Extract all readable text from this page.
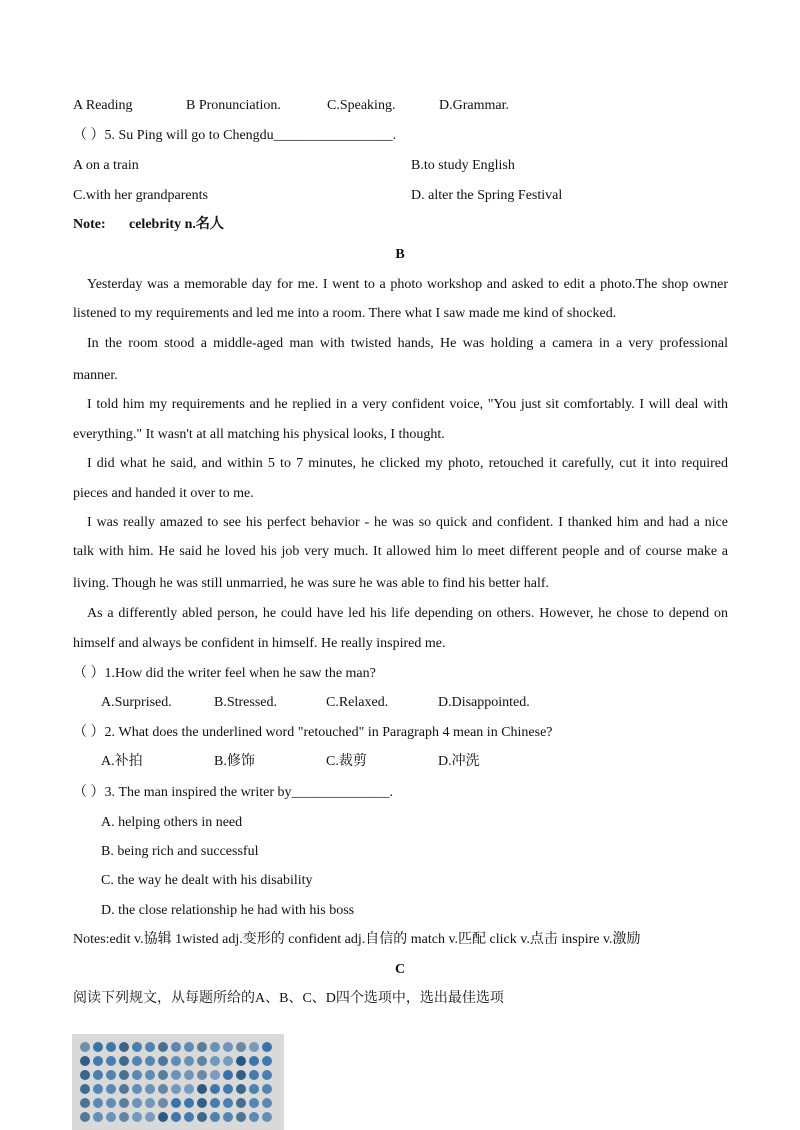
A Reading	B Pronunciation.	C.Speaking.	D.Grammar.
（ ）5. Su Ping will go to Chengdu_________________.
A on a train	B.to study English
C.with her grandparents	D. alter the Spring Festival
Note: celebrity n.名人
B
Yesterday was a memorable day for me. I went to a photo workshop and asked to edit a photo.The shop owner
listened to my requirements and led me into a room. There what I saw made me kind of shocked.
In the room stood a middle-aged man with twisted hands, He was holding a camera in a very professional
manner.
I told him my requirements and he replied in a very confident voice, "You just sit comfortably. I will deal with
everything." It wasn't at all matching his physical looks, I thought.
I did what he said, and within 5 to 7 minutes, he clicked my photo, retouched it carefully, cut it into required
pieces and handed it over to me.
I was really amazed to see his perfect behavior - he was so quick and confident. I thanked him and had a nice
talk with him. He said he loved his job very much. It allowed him lo meet different people and of course make a
living. Though he was still unmarried, he was sure he was able to find his better half.
As a differently abled person, he could have led his life depending on others. However, he chose to depend on
himself and always be confident in himself. He really inspired me.
（ ）1.How did the writer feel when he saw the man?
A.Surprised.	B.Stressed.	C.Relaxed.	D.Disappointed.
（ ）2. What does the underlined word "retouched" in Paragraph 4 mean in Chinese?
A.补拍	B.修饰	C.裁剪	D.冲洗
（ ）3. The man inspired the writer by______________.
A. helping others in need
B. being rich and successful
C. the way he dealt with his disability
D. the close relationship he had with his boss
Notes:edit v.協辑 1wisted adj.变形的 confident adj.自信的 match v.匹配 click v.点击 inspire v.激励
C
阅读下列规文，从每题所给的A、B、C、D四个选项中，选出最佳选项
